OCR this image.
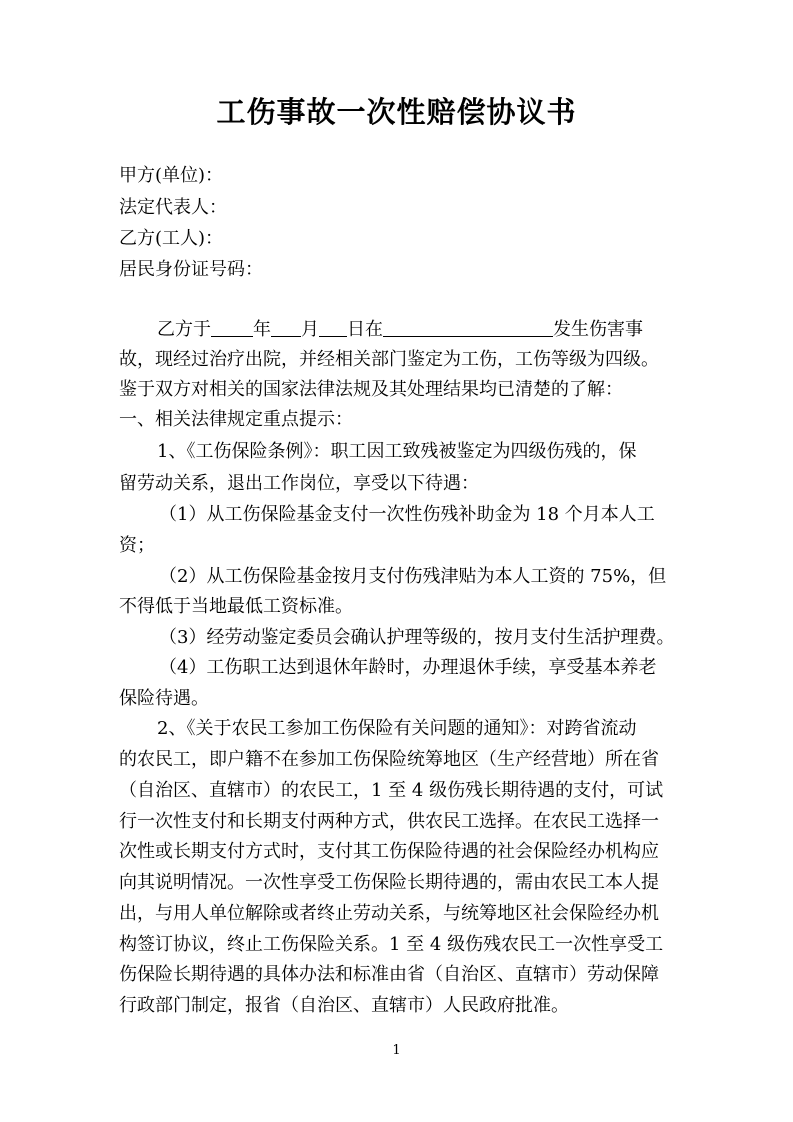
工伤事故一次性赔偿协议书

甲方(单位)：

法定代表人：

乙方(工人)：

居民身份证号码：

乙方于 年 月 日在	发生伤害事

故，现经过治疗出院，并经相关部门鉴定为工伤，工伤等级为四级。

鉴于双方对相关的国家法律法规及其处理结果均已清楚的了解：

一、相关法律规定重点提示：

1、《工伤保险条例》：职工因工致残被鉴定为四级伤残的，保

留劳动关系，退出工作岗位，享受以下待遇：

（1）从工伤保险基金支付一次性伤残补助金为 18 个月本人工

资；

（2）从工伤保险基金按月支付伤残津贴为本人工资的 75%，但

不得低于当地最低工资标准。

（3）经劳动鉴定委员会确认护理等级的，按月支付生活护理费。

（4）工伤职工达到退休年龄时，办理退休手续，享受基本养老

保险待遇。

2、《关于农民工参加工伤保险有关问题的通知》：对跨省流动

的农民工，即户籍不在参加工伤保险统筹地区（生产经营地）所在省

（自治区、直辖市）的农民工，1 至 4 级伤残长期待遇的支付，可试

行一次性支付和长期支付两种方式，供农民工选择。在农民工选择一

次性或长期支付方式时，支付其工伤保险待遇的社会保险经办机构应

向其说明情况。一次性享受工伤保险长期待遇的，需由农民工本人提

出，与用人单位解除或者终止劳动关系，与统筹地区社会保险经办机

构签订协议，终止工伤保险关系。1 至 4 级伤残农民工一次性享受工

伤保险长期待遇的具体办法和标准由省（自治区、直辖市）劳动保障

行政部门制定，报省（自治区、直辖市）人民政府批准。

1
